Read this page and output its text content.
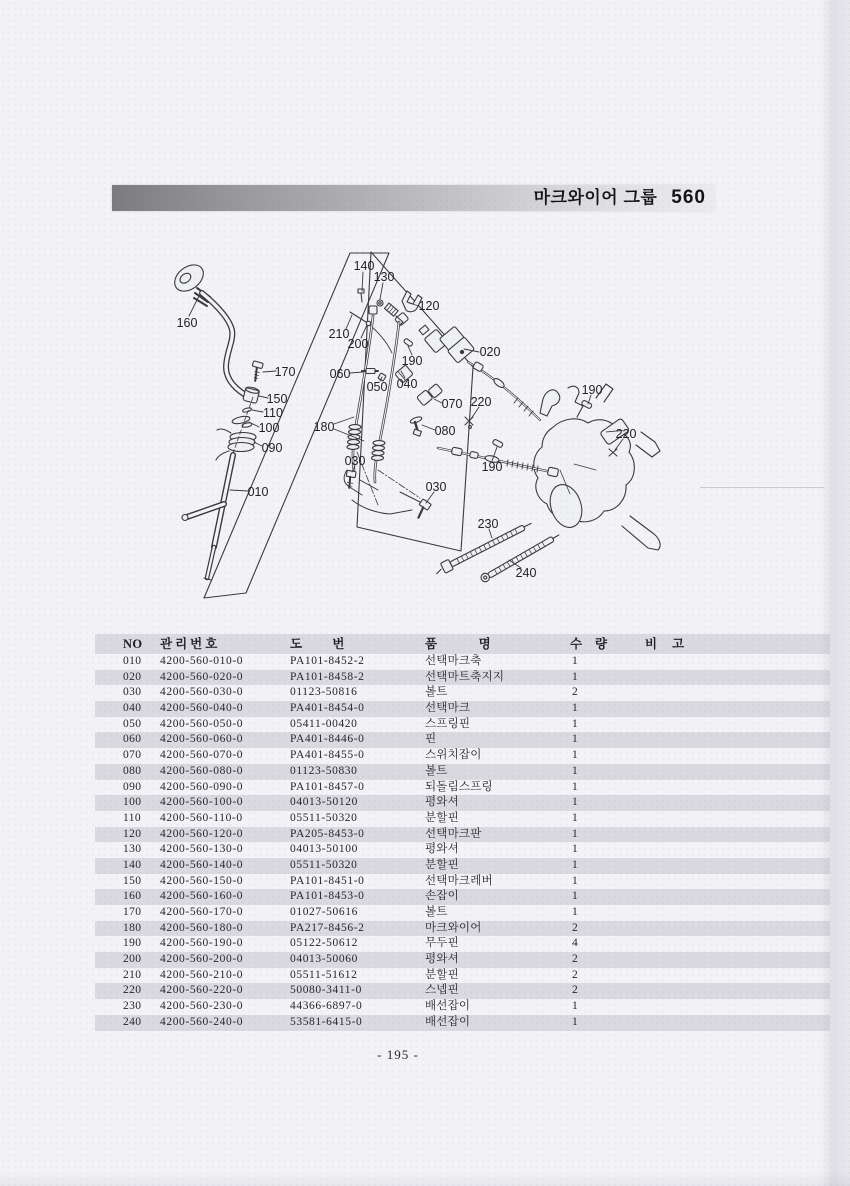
마크와이어 그룹 560
160
170
150
110
100
090
010
140
130
120
210
200
020
190
060
050 040
070 220
080
180
030
030
190
220
190
230
240
NO	관리번호	도 번	품 명	수 량	비 고
010	4200-560-010-0	PA101-8452-2	선택마크축	1
020	4200-560-020-0	PA101-8458-2	선택마트축지지	1
030	4200-560-030-0	01123-50816	볼트	2
040	4200-560-040-0	PA401-8454-0	선택마크	1
050	4200-560-050-0	05411-00420	스프링핀	1
060	4200-560-060-0	PA401-8446-0	핀	1
070	4200-560-070-0	PA401-8455-0	스위치잡이	1
080	4200-560-080-0	01123-50830	볼트	1
090	4200-560-090-0	PA101-8457-0	되돌림스프링	1
100	4200-560-100-0	04013-50120	평와셔	1
110	4200-560-110-0	05511-50320	분할핀	1
120	4200-560-120-0	PA205-8453-0	선택마크판	1
130	4200-560-130-0	04013-50100	평와셔	1
140	4200-560-140-0	05511-50320	분할핀	1
150	4200-560-150-0	PA101-8451-0	선택마크레버	1
160	4200-560-160-0	PA101-8453-0	손잡이	1
170	4200-560-170-0	01027-50616	볼트	1
180	4200-560-180-0	PA217-8456-2	마크와이어	2
190	4200-560-190-0	05122-50612	무두핀	4
200	4200-560-200-0	04013-50060	평와셔	2
210	4200-560-210-0	05511-51612	분할핀	2
220	4200-560-220-0	50080-3411-0	스넵핀	2
230	4200-560-230-0	44366-6897-0	배선잡이	1
240	4200-560-240-0	53581-6415-0	배선잡이	1
- 195 -
